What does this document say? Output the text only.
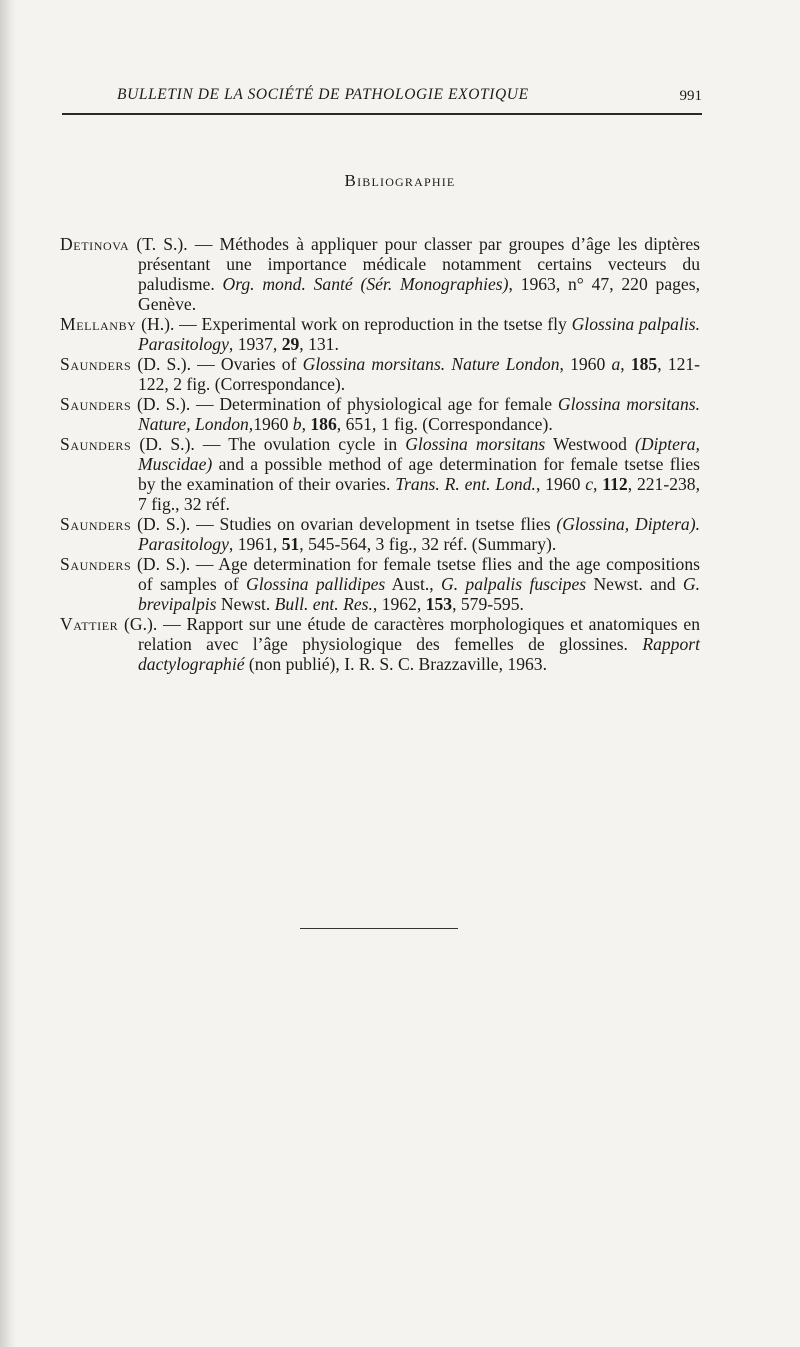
BULLETIN DE LA SOCIÉTÉ DE PATHOLOGIE EXOTIQUE	991
Bibliographie

Detinova (T. S.). — Méthodes à appliquer pour classer par groupes d’âge les diptères présentant une importance médicale notamment certains vecteurs du paludisme. Org. mond. Santé (Sér. Monographies), 1963, n° 47, 220 pages, Genève.

Mellanby (H.). — Experimental work on reproduction in the tsetse fly Glossina palpalis. Parasitology, 1937, 29, 131.

Saunders (D. S.). — Ovaries of Glossina morsitans. Nature London, 1960 a, 185, 121-122, 2 fig. (Correspondance).

Saunders (D. S.). — Determination of physiological age for female Glossina morsitans. Nature, London,1960 b, 186, 651, 1 fig. (Correspondance).

Saunders (D. S.). — The ovulation cycle in Glossina morsitans Westwood (Diptera, Muscidae) and a possible method of age determination for female tsetse flies by the examination of their ovaries. Trans. R. ent. Lond., 1960 c, 112, 221-238, 7 fig., 32 réf.

Saunders (D. S.). — Studies on ovarian development in tsetse flies (Glossina, Diptera). Parasitology, 1961, 51, 545-564, 3 fig., 32 réf. (Summary).

Saunders (D. S.). — Age determination for female tsetse flies and the age compositions of samples of Glossina pallidipes Aust., G. palpalis fuscipes Newst. and G. brevipalpis Newst. Bull. ent. Res., 1962, 153, 579-595.

Vattier (G.). — Rapport sur une étude de caractères morphologiques et anatomiques en relation avec l’âge physiologique des femelles de glossines. Rapport dactylographié (non publié), I. R. S. C. Brazzaville, 1963.
